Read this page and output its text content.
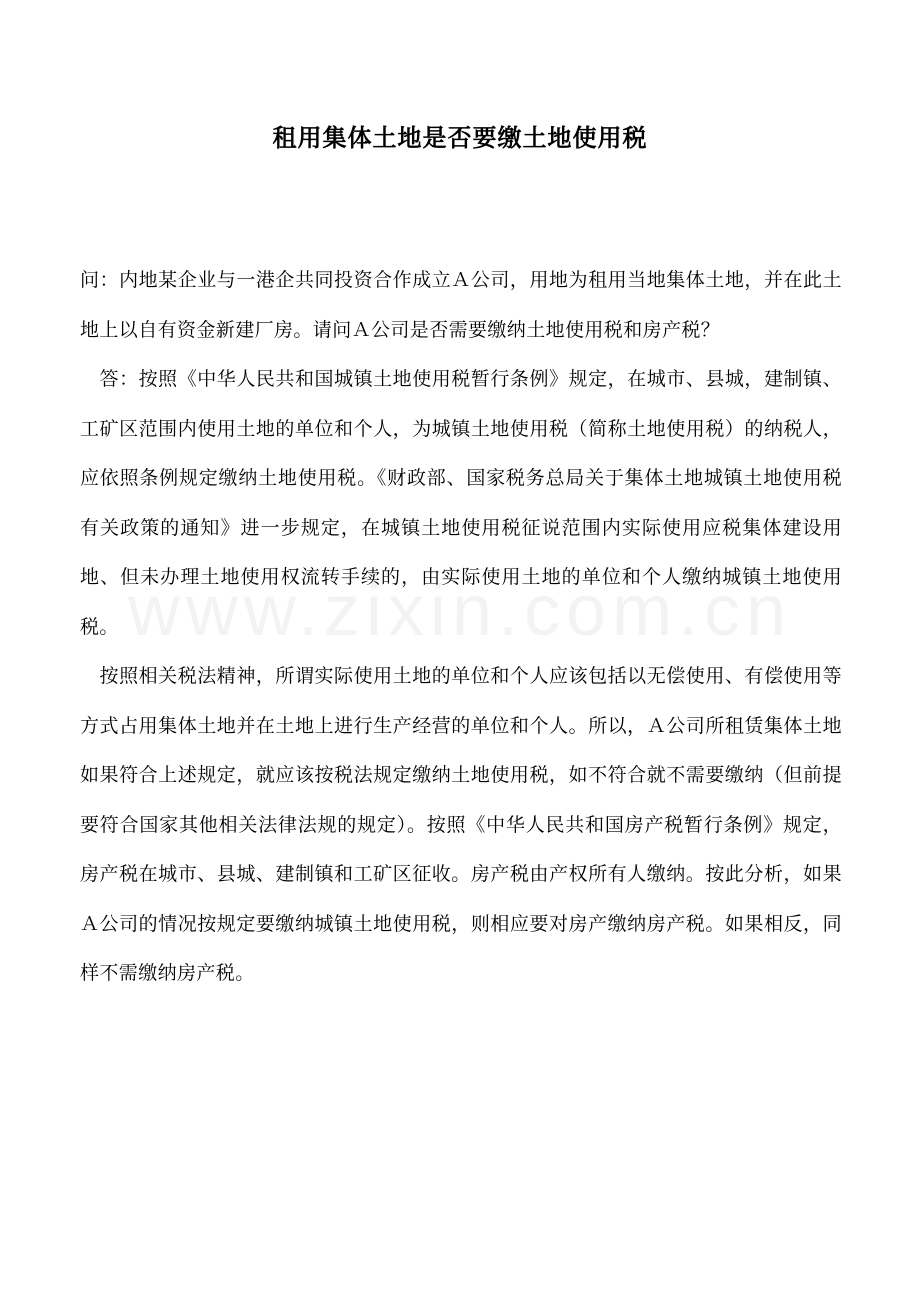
租用集体土地是否要缴土地使用税

问：内地某企业与一港企共同投资合作成立Ａ公司，用地为租用当地集体土地，并在此土地上以自有资金新建厂房。请问Ａ公司是否需要缴纳土地使用税和房产税？

　答：按照《中华人民共和国城镇土地使用税暂行条例》规定，在城市、县城，建制镇、工矿区范围内使用土地的单位和个人，为城镇土地使用税（简称土地使用税）的纳税人，应依照条例规定缴纳土地使用税。《财政部、国家税务总局关于集体土地城镇土地使用税有关政策的通知》进一步规定，在城镇土地使用税征说范围内实际使用应税集体建设用地、但未办理土地使用权流转手续的，由实际使用土地的单位和个人缴纳城镇土地使用税。

　按照相关税法精神，所谓实际使用土地的单位和个人应该包括以无偿使用、有偿使用等方式占用集体土地并在土地上进行生产经营的单位和个人。所以，Ａ公司所租赁集体土地如果符合上述规定，就应该按税法规定缴纳土地使用税，如不符合就不需要缴纳（但前提要符合国家其他相关法律法规的规定）。按照《中华人民共和国房产税暂行条例》规定，房产税在城市、县城、建制镇和工矿区征收。房产税由产权所有人缴纳。按此分析，如果Ａ公司的情况按规定要缴纳城镇土地使用税，则相应要对房产缴纳房产税。如果相反，同样不需缴纳房产税。
